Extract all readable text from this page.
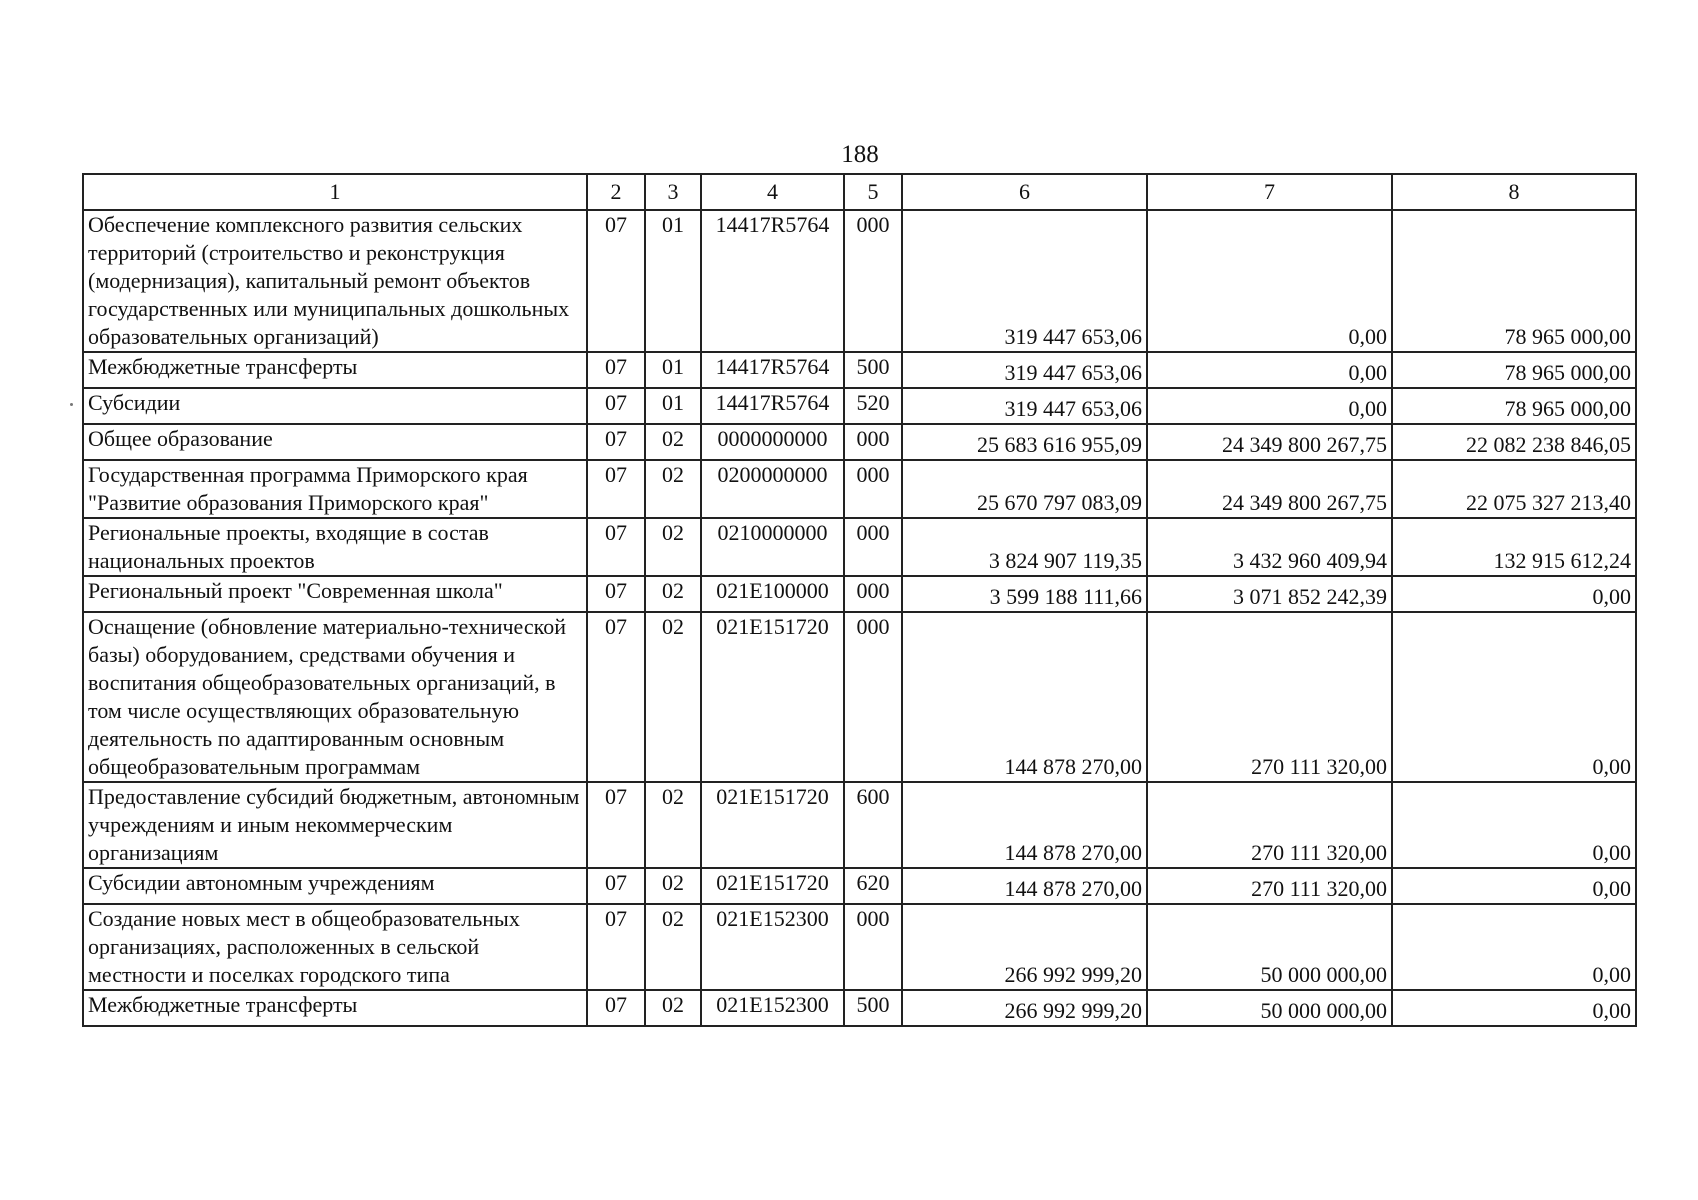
188
1	2	3	4	5	6	7	8
Обеспечение комплексного развития сельских территорий (строительство и реконструкция (модернизация), капитальный ремонт объектов государственных или муниципальных дошкольных образовательных организаций)	07	01	14417R5764	000	319 447 653,06	0,00	78 965 000,00
Межбюджетные трансферты	07	01	14417R5764	500	319 447 653,06	0,00	78 965 000,00
Субсидии	07	01	14417R5764	520	319 447 653,06	0,00	78 965 000,00
Общее образование	07	02	0000000000	000	25 683 616 955,09	24 349 800 267,75	22 082 238 846,05
Государственная программа Приморского края "Развитие образования Приморского края"	07	02	0200000000	000	25 670 797 083,09	24 349 800 267,75	22 075 327 213,40
Региональные проекты, входящие в состав национальных проектов	07	02	0210000000	000	3 824 907 119,35	3 432 960 409,94	132 915 612,24
Региональный проект "Современная школа"	07	02	021E100000	000	3 599 188 111,66	3 071 852 242,39	0,00
Оснащение (обновление материально-технической базы) оборудованием, средствами обучения и воспитания общеобразовательных организаций, в том числе осуществляющих образовательную деятельность по адаптированным основным общеобразовательным программам	07	02	021E151720	000	144 878 270,00	270 111 320,00	0,00
Предоставление субсидий бюджетным, автономным учреждениям и иным некоммерческим организациям	07	02	021E151720	600	144 878 270,00	270 111 320,00	0,00
Субсидии автономным учреждениям	07	02	021E151720	620	144 878 270,00	270 111 320,00	0,00
Создание новых мест в общеобразовательных организациях, расположенных в сельской местности и поселках городского типа	07	02	021E152300	000	266 992 999,20	50 000 000,00	0,00
Межбюджетные трансферты	07	02	021E152300	500	266 992 999,20	50 000 000,00	0,00
